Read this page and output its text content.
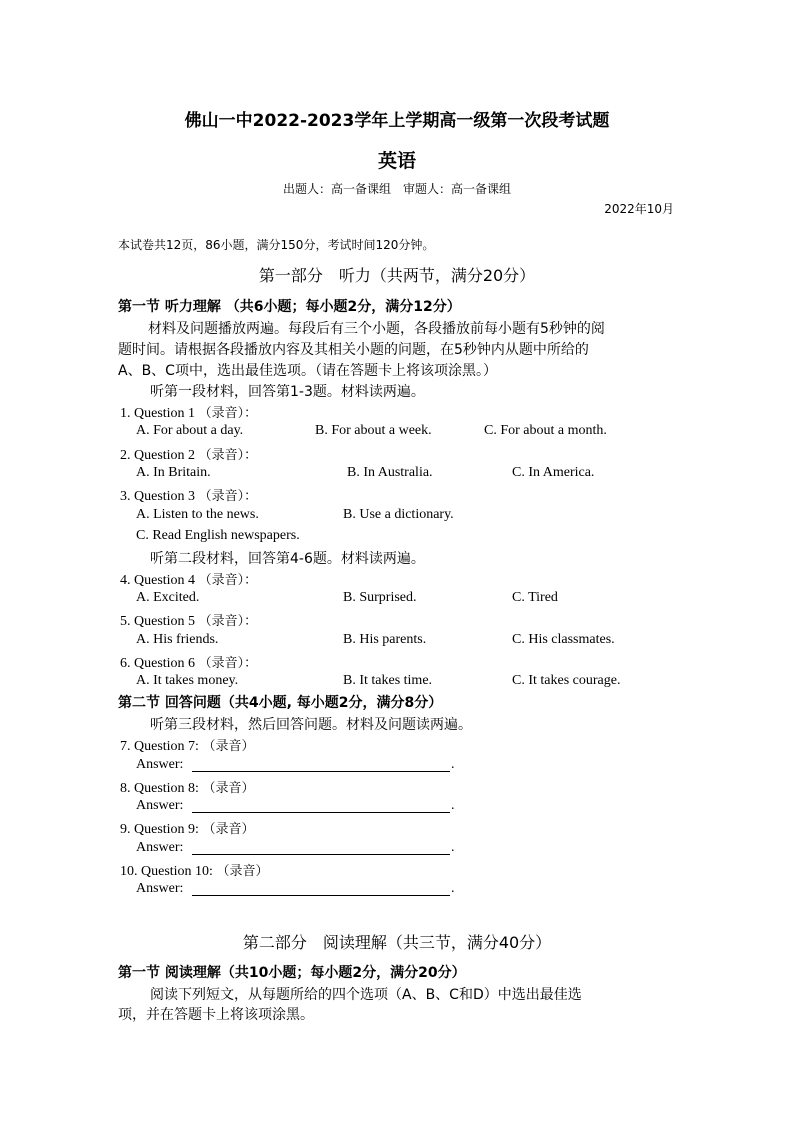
佛山一中2022-2023学年上学期高一级第一次段考试题
英语
出题人：高一备课组　审题人：高一备课组
2022年10月
本试卷共12页，86小题，满分150分，考试时间120分钟。
第一部分　听力（共两节，满分20分）
第一节 听力理解 （共6小题；每小题2分，满分12分）
材料及问题播放两遍。每段后有三个小题，各段播放前每小题有5秒钟的阅
题时间。请根据各段播放内容及其相关小题的问题，在5秒钟内从题中所给的
A、B、C项中，选出最佳选项。（请在答题卡上将该项涂黑。）
听第一段材料，回答第1-3题。材料读两遍。
1. Question 1 （录音）：
A. For about a day.	B. For about a week.	C. For about a month.
2. Question 2 （录音）：
A. In Britain.	B. In Australia.	C. In America.
3. Question 3 （录音）：
A. Listen to the news.	B. Use a dictionary.
C. Read English newspapers.
听第二段材料，回答第4-6题。材料读两遍。
4. Question 4 （录音）：
A. Excited.	B. Surprised.	C. Tired
5. Question 5 （录音）：
A. His friends.	B. His parents.	C. His classmates.
6. Question 6 （录音）：
A. It takes money.	B. It takes time.	C. It takes courage.
第二节 回答问题（共4小题, 每小题2分，满分8分）
听第三段材料，然后回答问题。材料及问题读两遍。
7. Question 7: （录音）
Answer:	.
8. Question 8: （录音）
Answer:	.
9. Question 9: （录音）
Answer:	.
10. Question 10: （录音）
Answer:	.
第二部分　阅读理解（共三节，满分40分）
第一节 阅读理解（共10小题；每小题2分，满分20分）
阅读下列短文，从每题所给的四个选项（A、B、C和D）中选出最佳选
项，并在答题卡上将该项涂黑。
